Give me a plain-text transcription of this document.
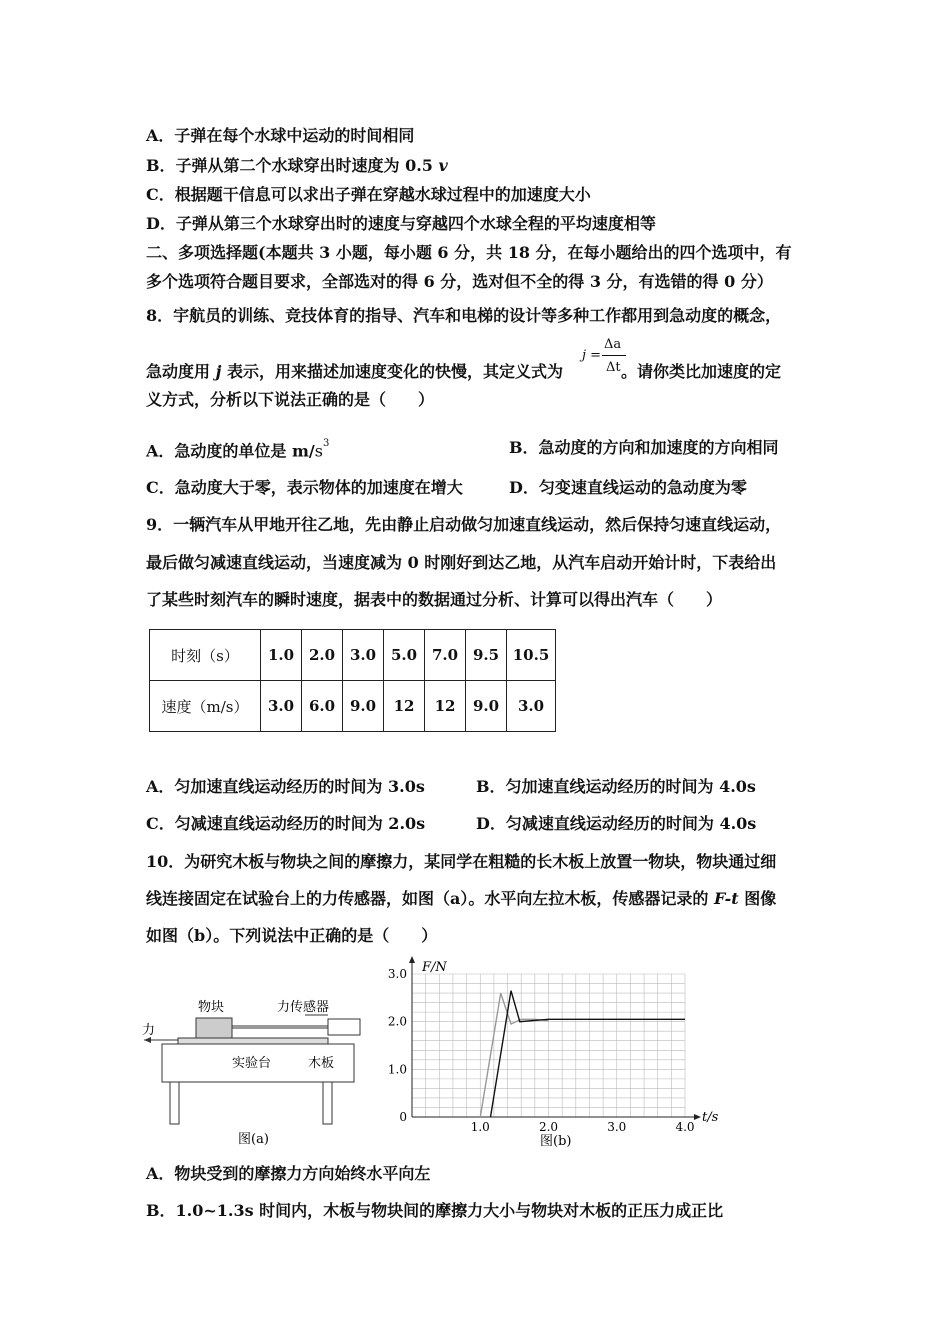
A．子弹在每个水球中运动的时间相同
B．子弹从第二个水球穿出时速度为 0.5 v
C．根据题干信息可以求出子弹在穿越水球过程中的加速度大小
D．子弹从第三个水球穿出时的速度与穿越四个水球全程的平均速度相等
二、多项选择题(本题共 3 小题，每小题 6 分，共 18 分，在每小题给出的四个选项中，有
多个选项符合题目要求，全部选对的得 6 分，选对但不全的得 3 分，有选错的得 0 分）
8．宇航员的训练、竞技体育的指导、汽车和电梯的设计等多种工作都用到急动度的概念，
急动度用 j 表示，用来描述加速度变化的快慢，其定义式为	。请你类比加速度的定
j =
Δa
Δt
义方式，分析以下说法正确的是（　　）
A．急动度的单位是 $m/s^3$	B．急动度的方向和加速度的方向相同
C．急动度大于零，表示物体的加速度在增大	D．匀变速直线运动的急动度为零
9．一辆汽车从甲地开往乙地，先由静止启动做匀加速直线运动，然后保持匀速直线运动，
最后做匀减速直线运动，当速度减为 0 时刚好到达乙地，从汽车启动开始计时，下表给出
了某些时刻汽车的瞬时速度，据表中的数据通过分析、计算可以得出汽车（　　）
时刻（s）	1.0	2.0	3.0	5.0	7.0	9.5	10.5
速度（m/s）	3.0	6.0	9.0	12	12	9.0	3.0
A．匀加速直线运动经历的时间为 3.0s	B．匀加速直线运动经历的时间为 4.0s
C．匀减速直线运动经历的时间为 2.0s	D．匀减速直线运动经历的时间为 4.0s
10．为研究木板与物块之间的摩擦力，某同学在粗糙的长木板上放置一物块，物块通过细
线连接固定在试验台上的力传感器，如图（a）。水平向左拉木板，传感器记录的 F-t 图像
如图（b）。下列说法中正确的是（　　）
物块	力传感器
力
实验台	木板
图(a)
3.0
2.0
1.0
0
1.0	2.0	3.0	4.0
F/N
t/s
图(b)
A．物块受到的摩擦力方向始终水平向左
B．1.0~1.3s 时间内，木板与物块间的摩擦力大小与物块对木板的正压力成正比
